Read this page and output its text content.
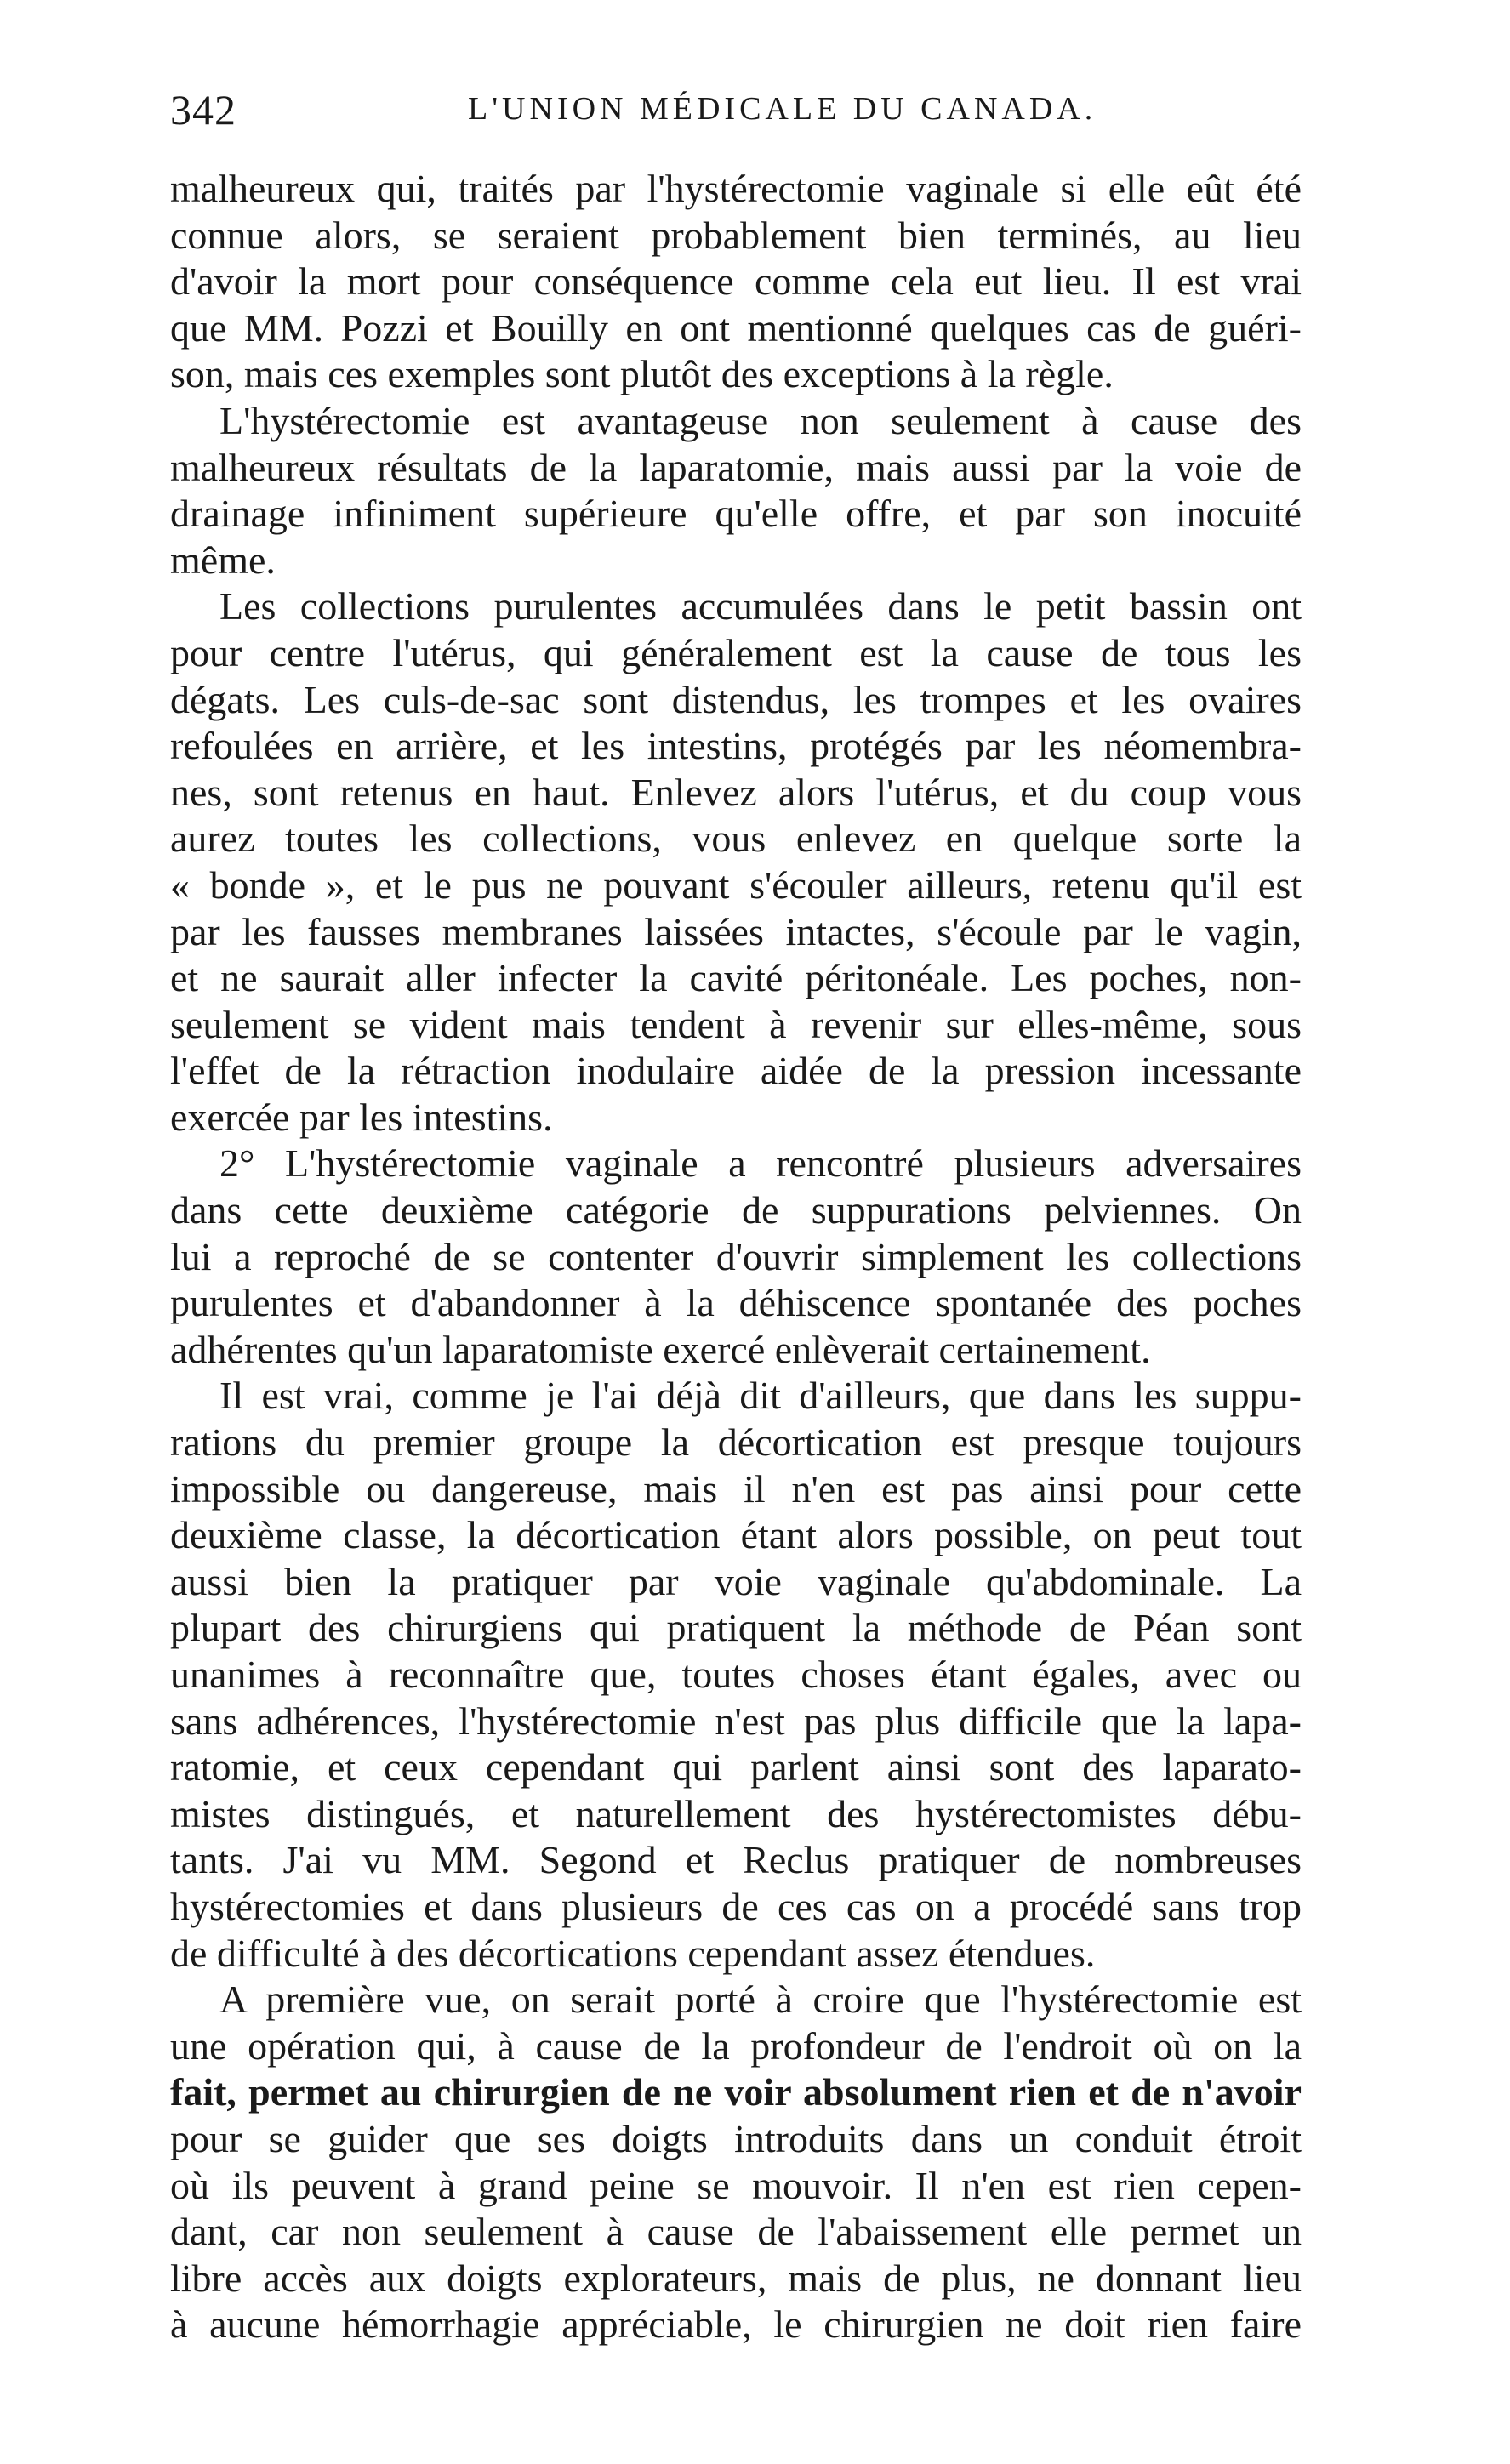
342	L'UNION MÉDICALE DU CANADA.
malheureux qui, traités par l'hystérectomie vaginale si elle eût été
connue alors, se seraient probablement bien terminés, au lieu
d'avoir la mort pour conséquence comme cela eut lieu. Il est vrai
que MM. Pozzi et Bouilly en ont mentionné quelques cas de guéri-
son, mais ces exemples sont plutôt des exceptions à la règle.
L'hystérectomie est avantageuse non seulement à cause des
malheureux résultats de la laparatomie, mais aussi par la voie de
drainage infiniment supérieure qu'elle offre, et par son inocuité
même.
Les collections purulentes accumulées dans le petit bassin ont
pour centre l'utérus, qui généralement est la cause de tous les
dégats. Les culs-de-sac sont distendus, les trompes et les ovaires
refoulées en arrière, et les intestins, protégés par les néomembra-
nes, sont retenus en haut. Enlevez alors l'utérus, et du coup vous
aurez toutes les collections, vous enlevez en quelque sorte la
« bonde », et le pus ne pouvant s'écouler ailleurs, retenu qu'il est
par les fausses membranes laissées intactes, s'écoule par le vagin,
et ne saurait aller infecter la cavité péritonéale. Les poches, non-
seulement se vident mais tendent à revenir sur elles-même, sous
l'effet de la rétraction inodulaire aidée de la pression incessante
exercée par les intestins.
2° L'hystérectomie vaginale a rencontré plusieurs adversaires
dans cette deuxième catégorie de suppurations pelviennes. On
lui a reproché de se contenter d'ouvrir simplement les collections
purulentes et d'abandonner à la déhiscence spontanée des poches
adhérentes qu'un laparatomiste exercé enlèverait certainement.
Il est vrai, comme je l'ai déjà dit d'ailleurs, que dans les suppu-
rations du premier groupe la décortication est presque toujours
impossible ou dangereuse, mais il n'en est pas ainsi pour cette
deuxième classe, la décortication étant alors possible, on peut tout
aussi bien la pratiquer par voie vaginale qu'abdominale. La
plupart des chirurgiens qui pratiquent la méthode de Péan sont
unanimes à reconnaître que, toutes choses étant égales, avec ou
sans adhérences, l'hystérectomie n'est pas plus difficile que la lapa-
ratomie, et ceux cependant qui parlent ainsi sont des laparato-
mistes distingués, et naturellement des hystérectomistes débu-
tants. J'ai vu MM. Segond et Reclus pratiquer de nombreuses
hystérectomies et dans plusieurs de ces cas on a procédé sans trop
de difficulté à des décortications cependant assez étendues.
A première vue, on serait porté à croire que l'hystérectomie est
une opération qui, à cause de la profondeur de l'endroit où on la
fait, permet au chirurgien de ne voir absolument rien et de n'avoir
pour se guider que ses doigts introduits dans un conduit étroit
où ils peuvent à grand peine se mouvoir. Il n'en est rien cepen-
dant, car non seulement à cause de l'abaissement elle permet un
libre accès aux doigts explorateurs, mais de plus, ne donnant lieu
à aucune hémorrhagie appréciable, le chirurgien ne doit rien faire
